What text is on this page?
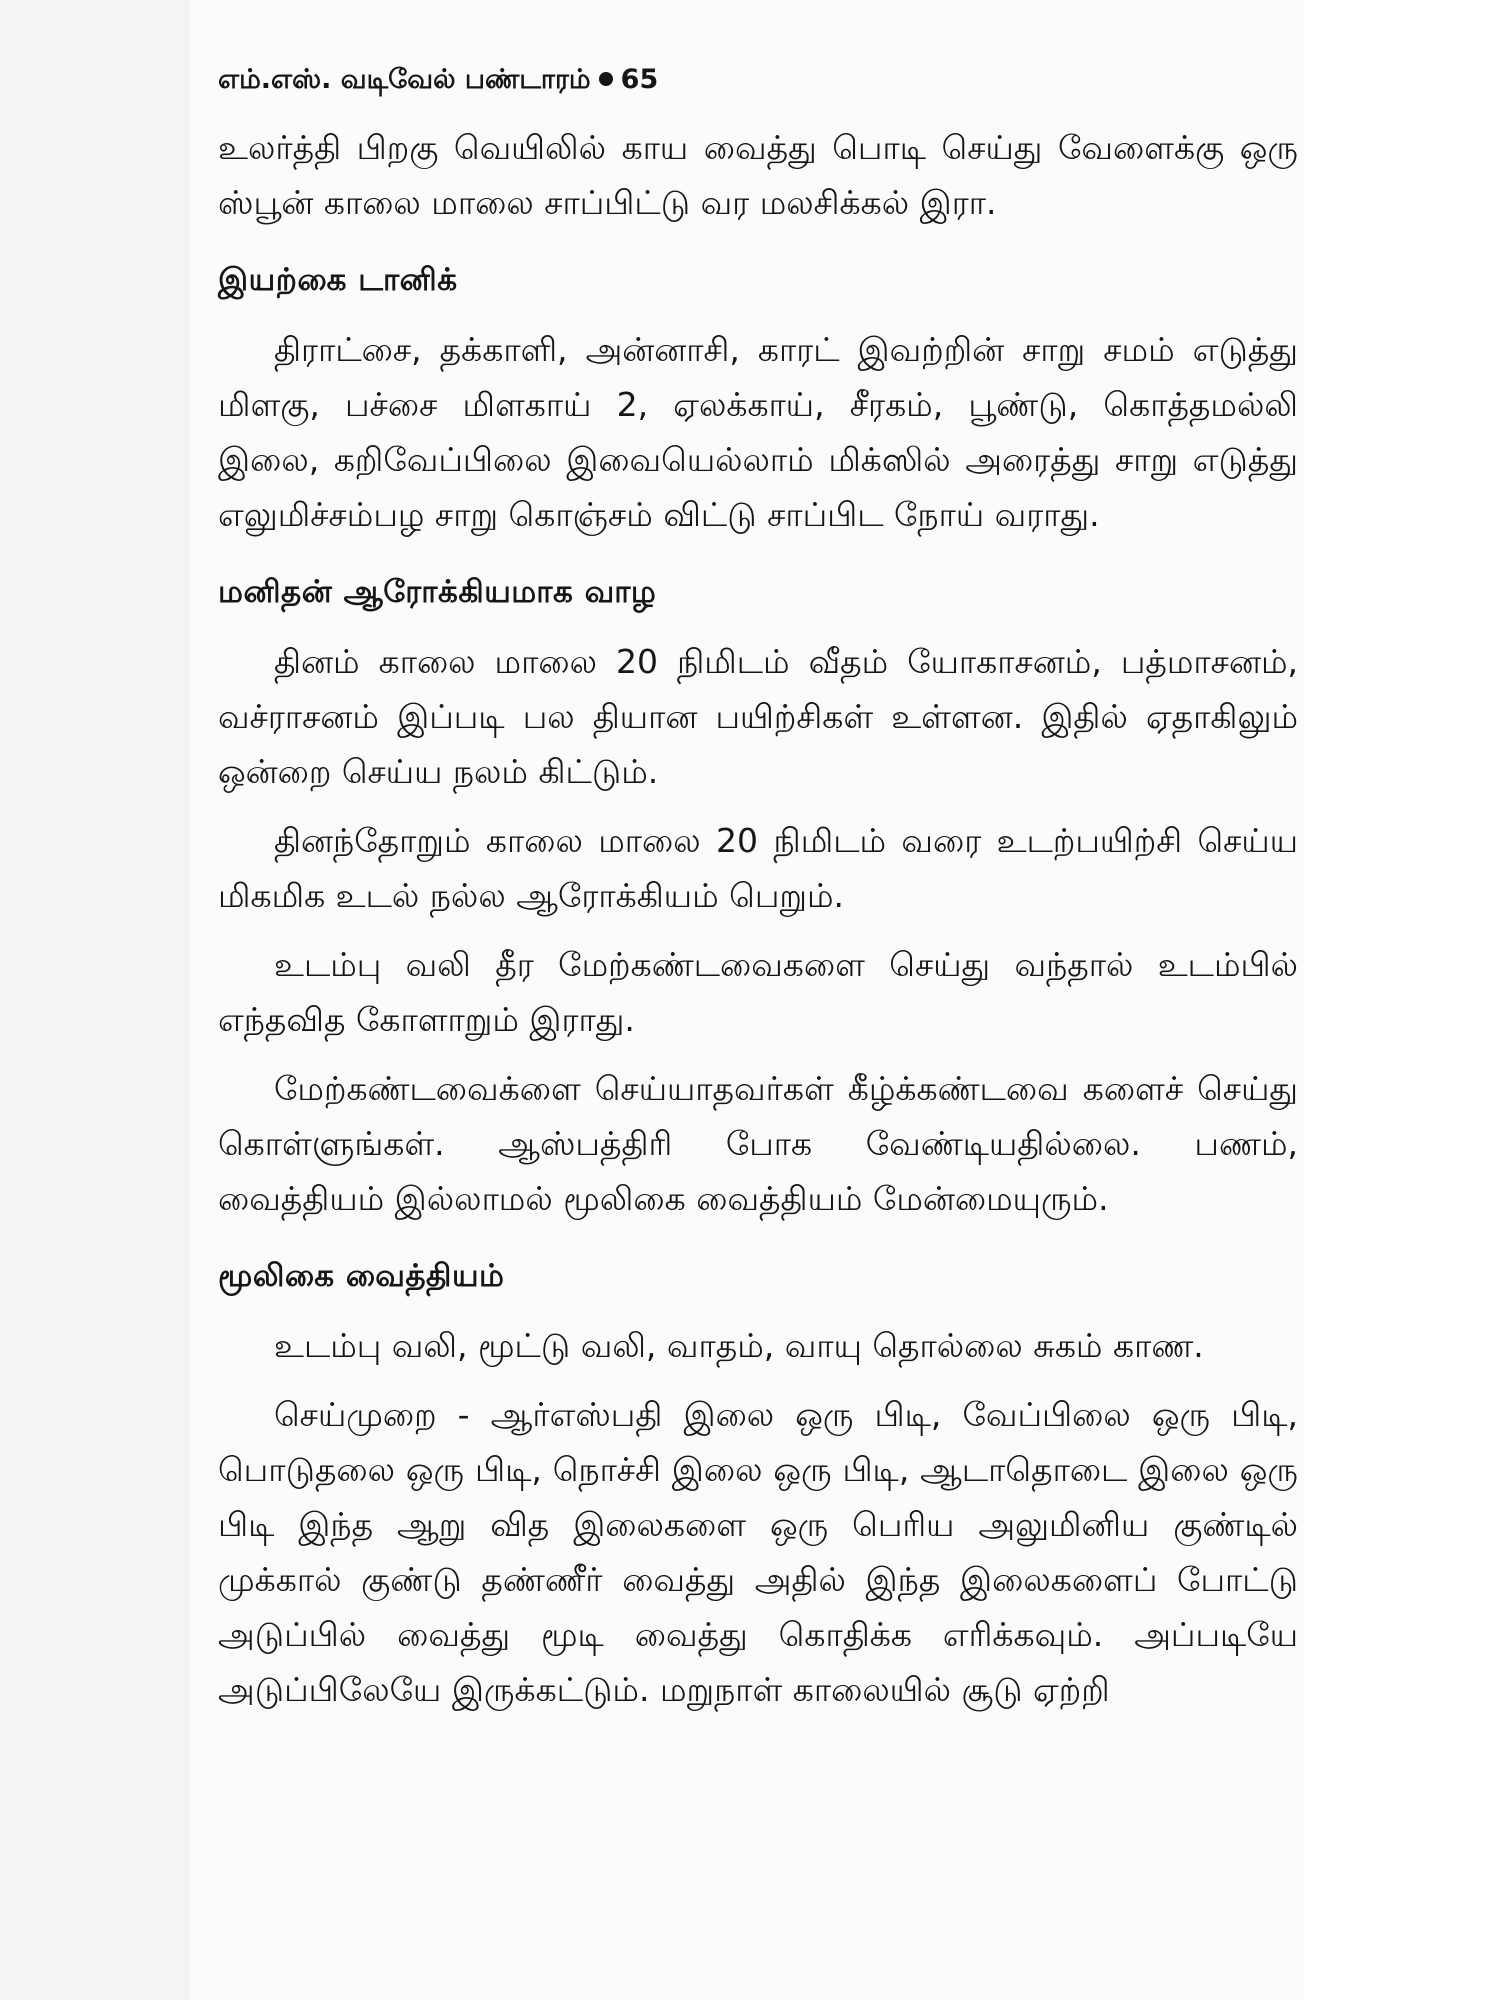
எம்.எஸ். வடிவேல் பண்டாரம் 65

உலர்த்தி பிறகு வெயிலில் காய வைத்து பொடி செய்து வேளைக்கு ஒரு ஸ்பூன் காலை மாலை சாப்பிட்டு வர மலசிக்கல் இரா.

இயற்கை டானிக்

திராட்சை, தக்காளி, அன்னாசி, காரட் இவற்றின் சாறு சமம் எடுத்து மிளகு, பச்சை மிளகாய் 2, ஏலக்காய், சீரகம், பூண்டு, கொத்தமல்லி இலை, கறிவேப்பிலை இவையெல்லாம் மிக்ஸில் அரைத்து சாறு எடுத்து எலுமிச்சம்பழ சாறு கொஞ்சம் விட்டு சாப்பிட நோய் வராது.

மனிதன் ஆரோக்கியமாக வாழ

தினம் காலை மாலை 20 நிமிடம் வீதம் யோகாசனம், பத்மாசனம், வச்ராசனம் இப்படி பல தியான பயிற்சிகள் உள்ளன. இதில் ஏதாகிலும் ஒன்றை செய்ய நலம் கிட்டும்.

தினந்தோறும் காலை மாலை 20 நிமிடம் வரை உடற்பயிற்சி செய்ய மிகமிக உடல் நல்ல ஆரோக்கியம் பெறும்.

உடம்பு வலி தீர மேற்கண்டவைகளை செய்து வந்தால் உடம்பில் எந்தவித கோளாறும் இராது.

மேற்கண்டவைக்ளை செய்யாதவர்கள் கீழ்க்கண்டவை களைச் செய்து கொள்ளுங்கள். ஆஸ்பத்திரி போக வேண்டியதில்லை. பணம், வைத்தியம் இல்லாமல் மூலிகை வைத்தியம் மேன்மையுரும்.

மூலிகை வைத்தியம்

உடம்பு வலி, மூட்டு வலி, வாதம், வாயு தொல்லை சுகம் காண.

செய்முறை - ஆர்எஸ்பதி இலை ஒரு பிடி, வேப்பிலை ஒரு பிடி, பொடுதலை ஒரு பிடி, நொச்சி இலை ஒரு பிடி, ஆடாதொடை இலை ஒரு பிடி இந்த ஆறு வித இலைகளை ஒரு பெரிய அலுமினிய குண்டில் முக்கால் குண்டு தண்ணீர் வைத்து அதில் இந்த இலைகளைப் போட்டு அடுப்பில் வைத்து மூடி வைத்து கொதிக்க எரிக்கவும். அப்படியே அடுப்பிலேயே இருக்கட்டும். மறுநாள் காலையில் சூடு ஏற்றி
